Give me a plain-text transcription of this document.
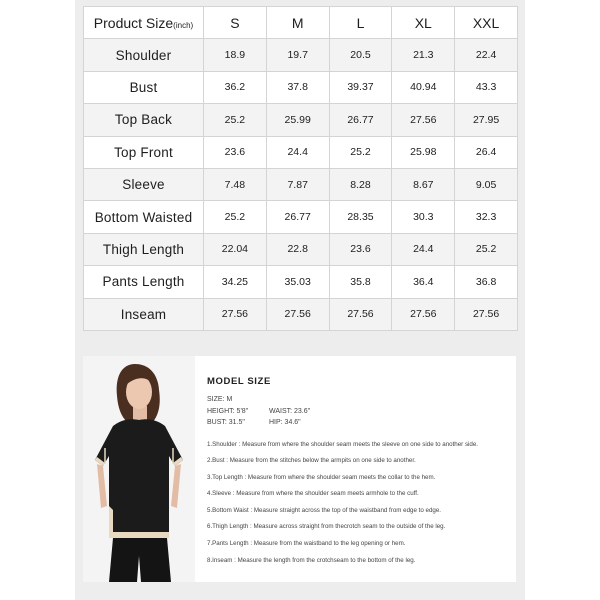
Product Size(inch)	S	M	L	XL	XXL
Shoulder	18.9	19.7	20.5	21.3	22.4
Bust	36.2	37.8	39.37	40.94	43.3
Top Back	25.2	25.99	26.77	27.56	27.95
Top Front	23.6	24.4	25.2	25.98	26.4
Sleeve	7.48	7.87	8.28	8.67	9.05
Bottom Waisted	25.2	26.77	28.35	30.3	32.3
Thigh Length	22.04	22.8	23.6	24.4	25.2
Pants Length	34.25	35.03	35.8	36.4	36.8
Inseam	27.56	27.56	27.56	27.56	27.56
MODEL SIZE
SIZE: M
HEIGHT: 5'8"	WAIST: 23.6"
BUST: 31.5"	HIP: 34.6"
1.Shoulder : Measure from where the shoulder seam meets the sleeve on one side to another side.
2.Bust : Measure from the stitches below the armpits on one side to another.
3.Top Length : Measure from where the shoulder seam meets the collar to the hem.
4.Sleeve : Measure from where the shoulder seam meets armhole to the cuff.
5.Bottom Waist : Measure straight across the top of the waistband from edge to edge.
6.Thigh Length : Measure across straight from thecrotch seam to the outside of the leg.
7.Pants Length : Measure from the waistband to the leg opening or hem.
8.Inseam : Measure the length from the crotchseam to the bottom of the leg.
